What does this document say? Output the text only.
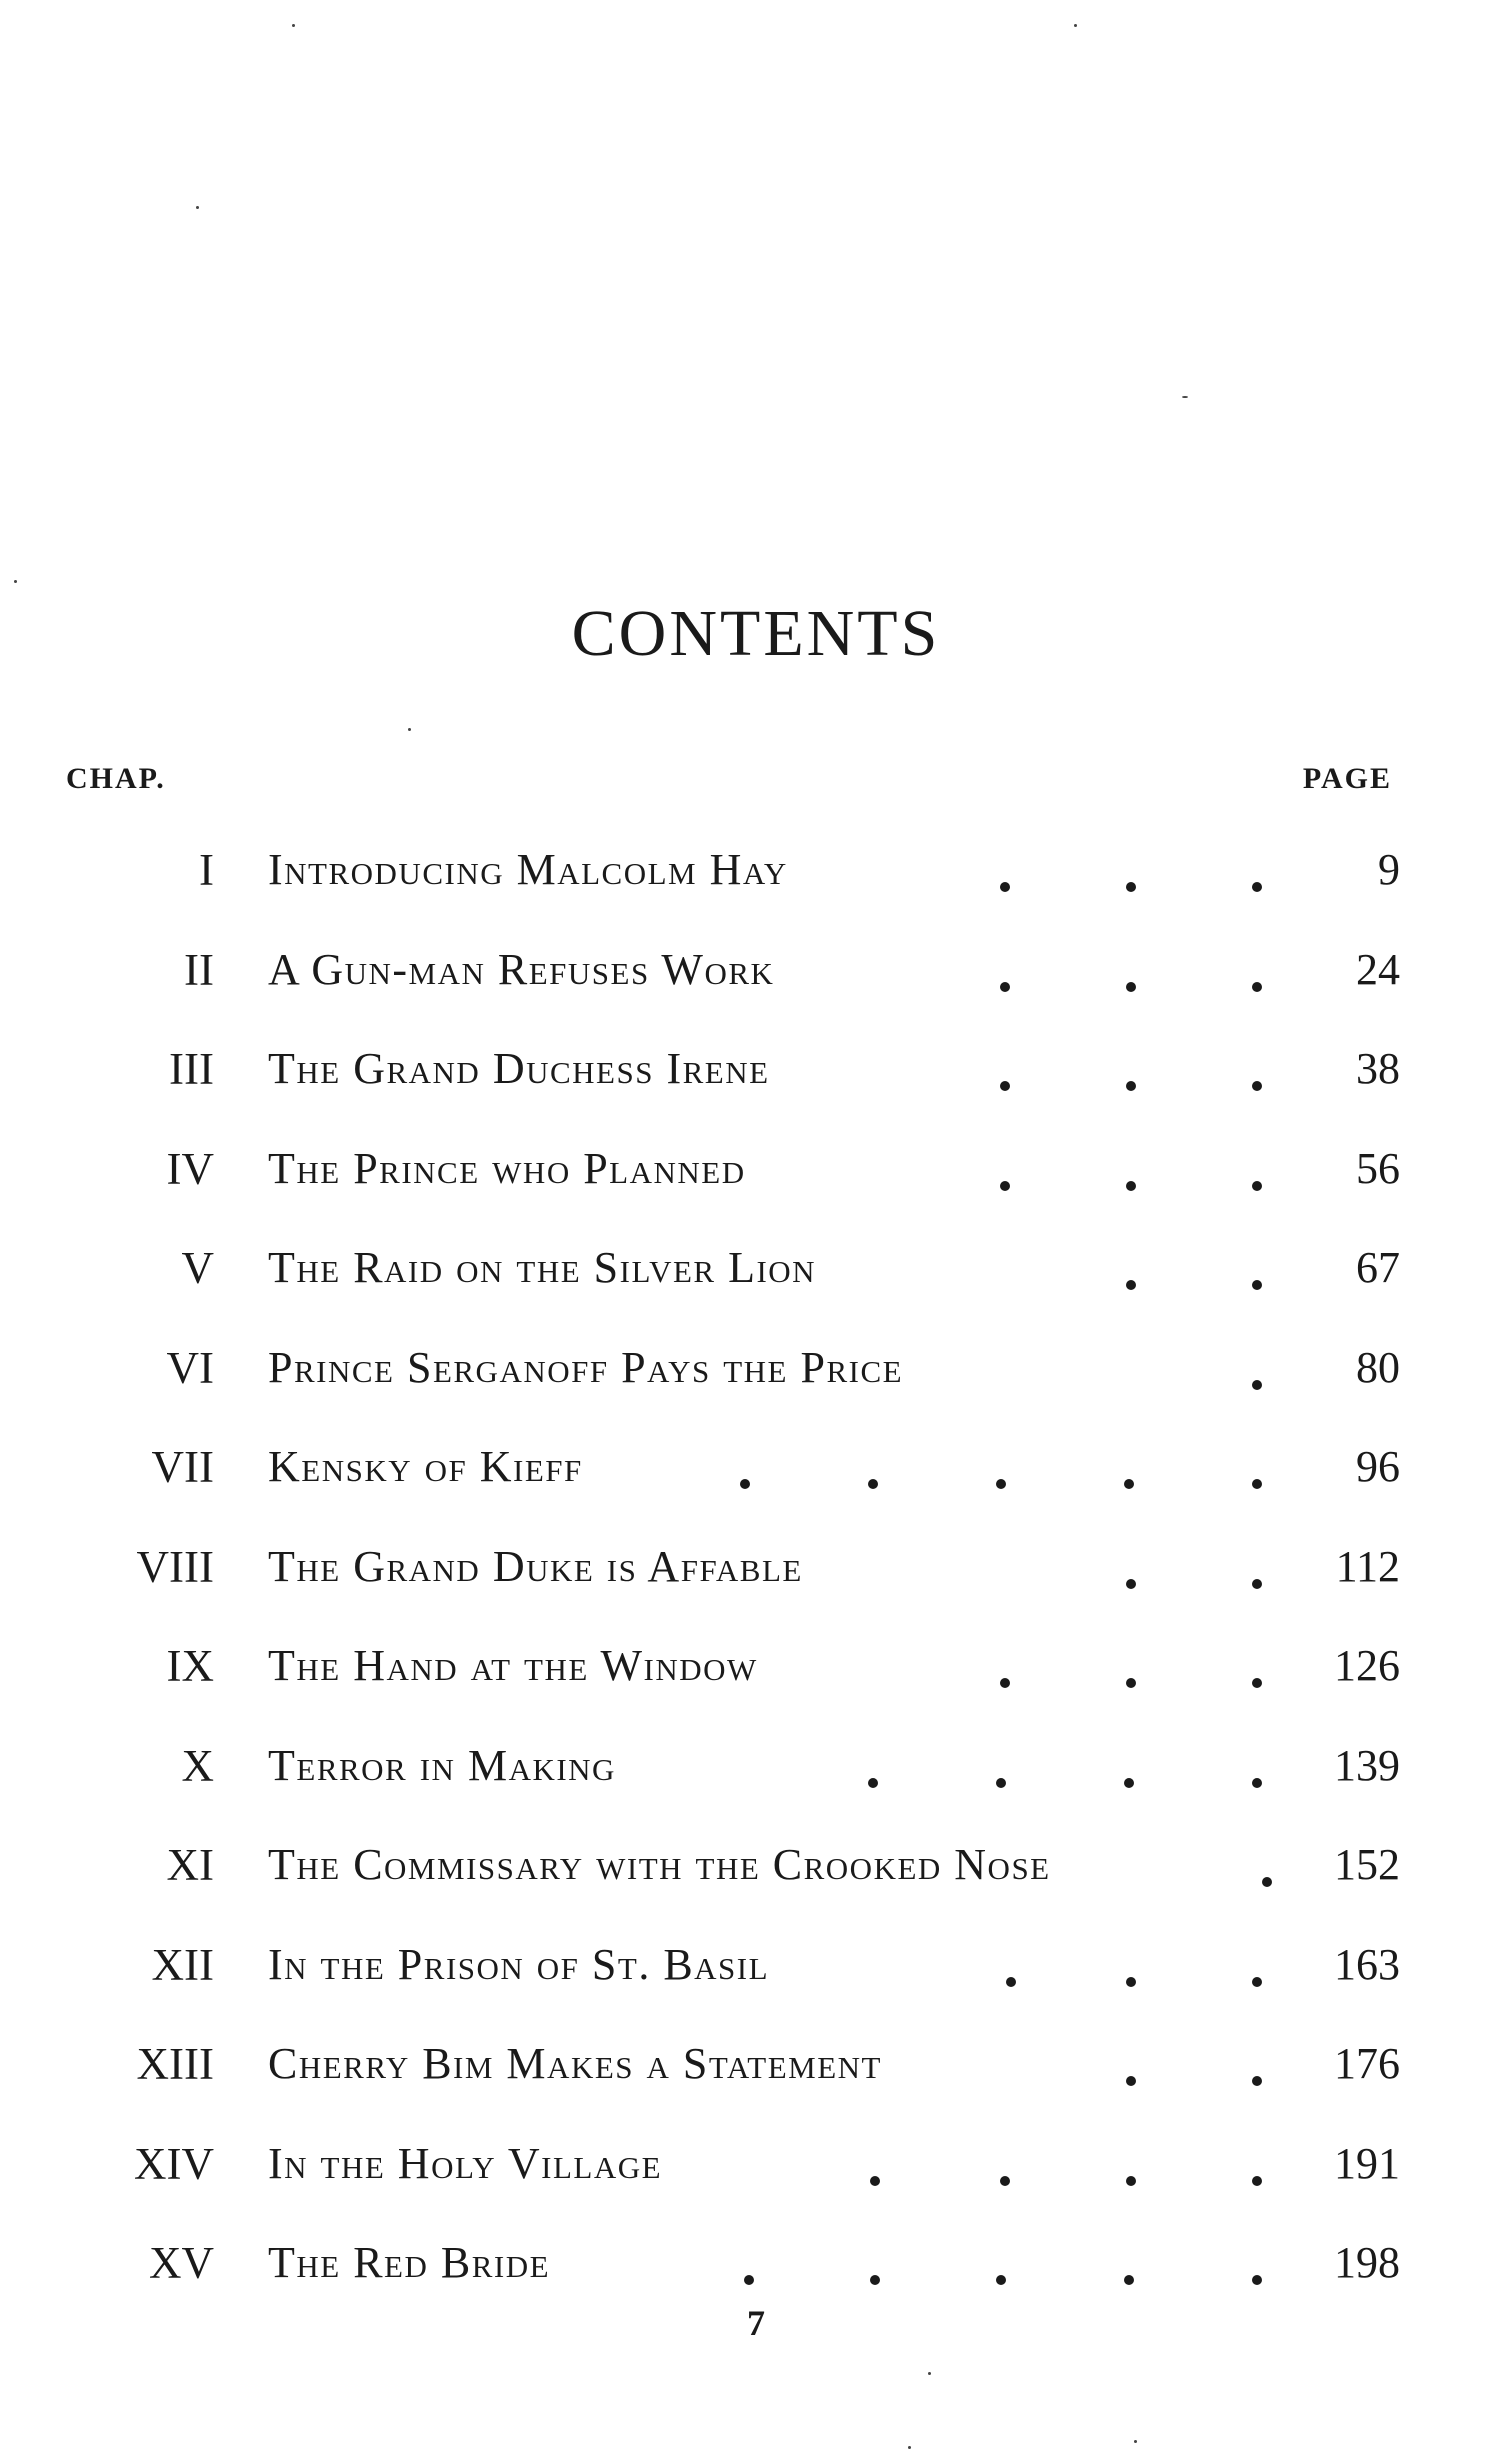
CONTENTS
CHAP.	PAGE
I Introducing Malcolm Hay	9
II A Gun-man Refuses Work	24
III The Grand Duchess Irene	38
IV The Prince who Planned	56
V The Raid on the Silver Lion	67
VI Prince Serganoff Pays the Price	80
VII Kensky of Kieff	96
VIII The Grand Duke is Affable	112
IX The Hand at the Window	126
X Terror in Making	139
XI The Commissary with the Crooked Nose	152
XII In the Prison of St. Basil	163
XIII Cherry Bim Makes a Statement	176
XIV In the Holy Village	191
XV The Red Bride	198
7
